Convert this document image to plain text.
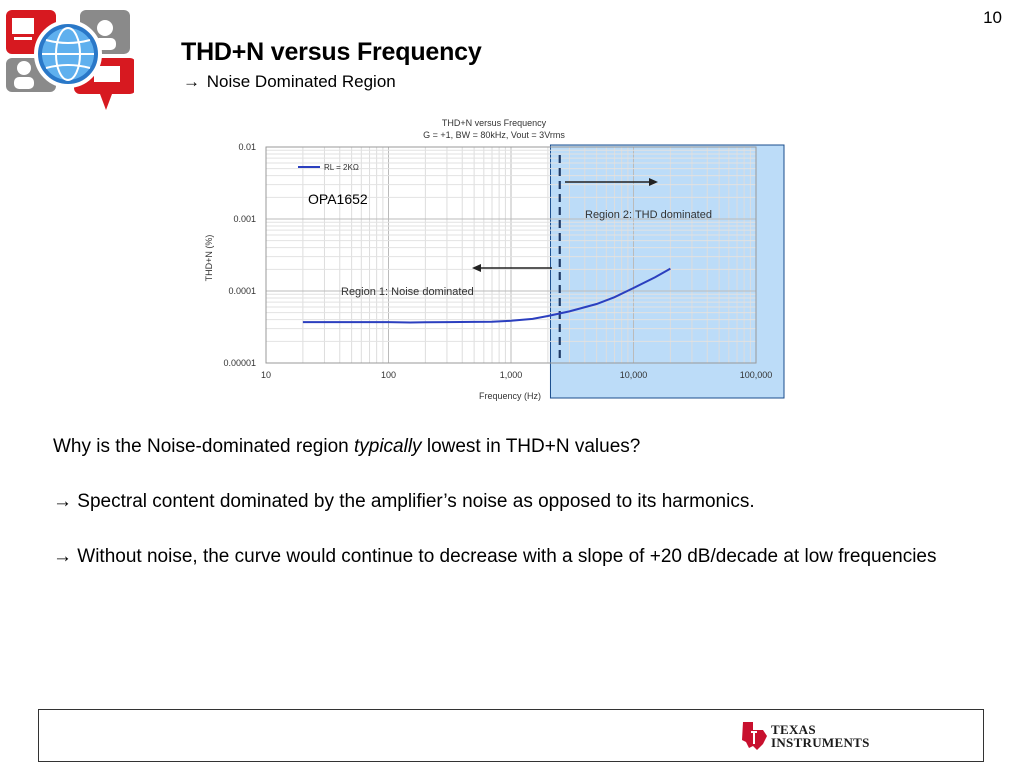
10
THD+N versus Frequency
→ Noise Dominated Region
THD+N versus Frequency
G = +1, BW = 80kHz, Vout = 3Vrms
Frequency (Hz)
THD+N (%)
10	100	1,000	10,000	100,000
0.00001
0.0001
0.001
0.01
RL = 2KΩ
OPA1652
Region 2: THD dominated
Region 1: Noise dominated

Why is the Noise-dominated region typically lowest in THD+N values?

→ Spectral content dominated by the amplifier’s noise as opposed to its harmonics.

→ Without noise, the curve would continue to decrease with a slope of +20 dB/decade at low frequencies

TEXAS
INSTRUMENTS
